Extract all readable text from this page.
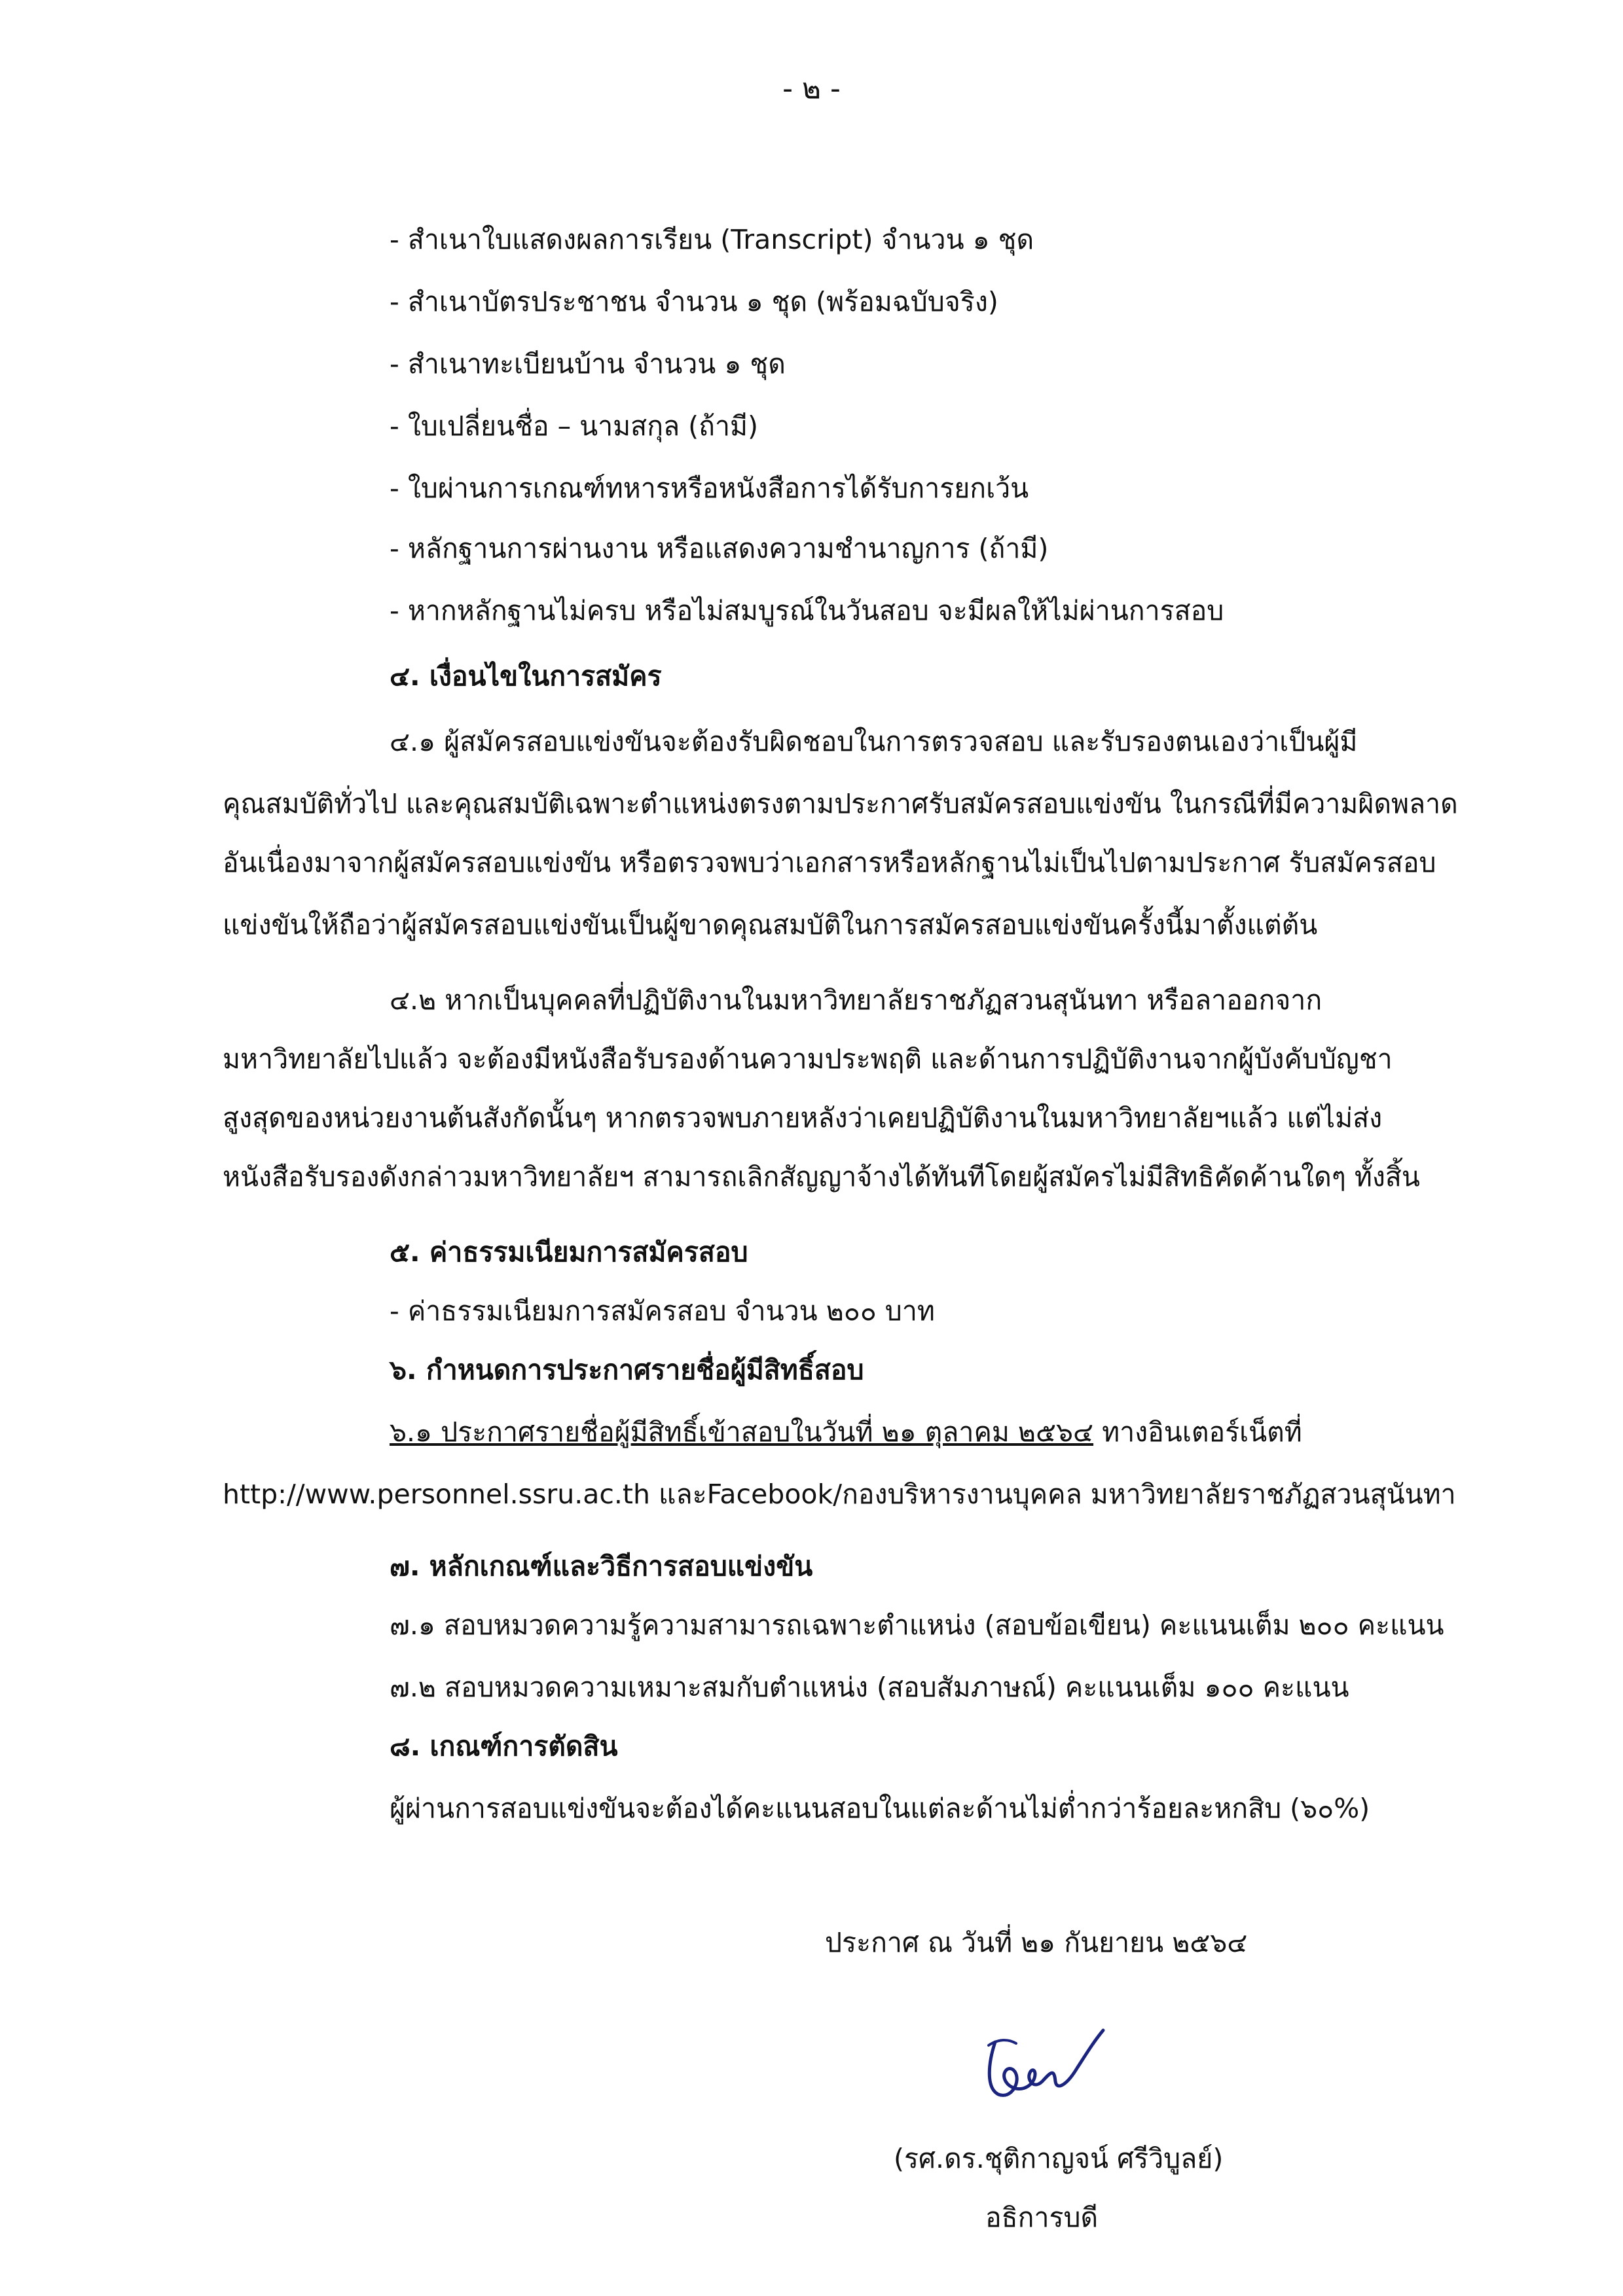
- ๒ -
- สำเนาใบแสดงผลการเรียน (Transcript) จำนวน ๑ ชุด
- สำเนาบัตรประชาชน จำนวน ๑ ชุด (พร้อมฉบับจริง)
- สำเนาทะเบียนบ้าน จำนวน ๑ ชุด
- ใบเปลี่ยนชื่อ – นามสกุล (ถ้ามี)
- ใบผ่านการเกณฑ์ทหารหรือหนังสือการได้รับการยกเว้น
- หลักฐานการผ่านงาน หรือแสดงความชำนาญการ (ถ้ามี)
- หากหลักฐานไม่ครบ หรือไม่สมบูรณ์ในวันสอบ จะมีผลให้ไม่ผ่านการสอบ
๔. เงื่อนไขในการสมัคร
๔.๑ ผู้สมัครสอบแข่งขันจะต้องรับผิดชอบในการตรวจสอบ และรับรองตนเองว่าเป็นผู้มี
คุณสมบัติทั่วไป และคุณสมบัติเฉพาะตำแหน่งตรงตามประกาศรับสมัครสอบแข่งขัน ในกรณีที่มีความผิดพลาด
อันเนื่องมาจากผู้สมัครสอบแข่งขัน หรือตรวจพบว่าเอกสารหรือหลักฐานไม่เป็นไปตามประกาศ รับสมัครสอบ
แข่งขันให้ถือว่าผู้สมัครสอบแข่งขันเป็นผู้ขาดคุณสมบัติในการสมัครสอบแข่งขันครั้งนี้มาตั้งแต่ต้น
๔.๒ หากเป็นบุคคลที่ปฏิบัติงานในมหาวิทยาลัยราชภัฏสวนสุนันทา หรือลาออกจาก
มหาวิทยาลัยไปแล้ว จะต้องมีหนังสือรับรองด้านความประพฤติ และด้านการปฏิบัติงานจากผู้บังคับบัญชา
สูงสุดของหน่วยงานต้นสังกัดนั้นๆ หากตรวจพบภายหลังว่าเคยปฏิบัติงานในมหาวิทยาลัยฯแล้ว แต่ไม่ส่ง
หนังสือรับรองดังกล่าวมหาวิทยาลัยฯ สามารถเลิกสัญญาจ้างได้ทันทีโดยผู้สมัครไม่มีสิทธิคัดค้านใดๆ ทั้งสิ้น
๕. ค่าธรรมเนียมการสมัครสอบ
- ค่าธรรมเนียมการสมัครสอบ จำนวน ๒๐๐ บาท
๖. กำหนดการประกาศรายชื่อผู้มีสิทธิ์สอบ
๖.๑ ประกาศรายชื่อผู้มีสิทธิ์เข้าสอบในวันที่ ๒๑ ตุลาคม ๒๕๖๔ ทางอินเตอร์เน็ตที่
http://www.personnel.ssru.ac.th และFacebook/กองบริหารงานบุคคล มหาวิทยาลัยราชภัฏสวนสุนันทา
๗. หลักเกณฑ์และวิธีการสอบแข่งขัน
๗.๑ สอบหมวดความรู้ความสามารถเฉพาะตำแหน่ง (สอบข้อเขียน) คะแนนเต็ม ๒๐๐ คะแนน
๗.๒ สอบหมวดความเหมาะสมกับตำแหน่ง (สอบสัมภาษณ์) คะแนนเต็ม ๑๐๐ คะแนน
๘. เกณฑ์การตัดสิน
ผู้ผ่านการสอบแข่งขันจะต้องได้คะแนนสอบในแต่ละด้านไม่ต่ำกว่าร้อยละหกสิบ (๖๐%)
ประกาศ ณ วันที่ ๒๑ กันยายน ๒๕๖๔
(รศ.ดร.ชุติกาญจน์ ศรีวิบูลย์)
อธิการบดี
